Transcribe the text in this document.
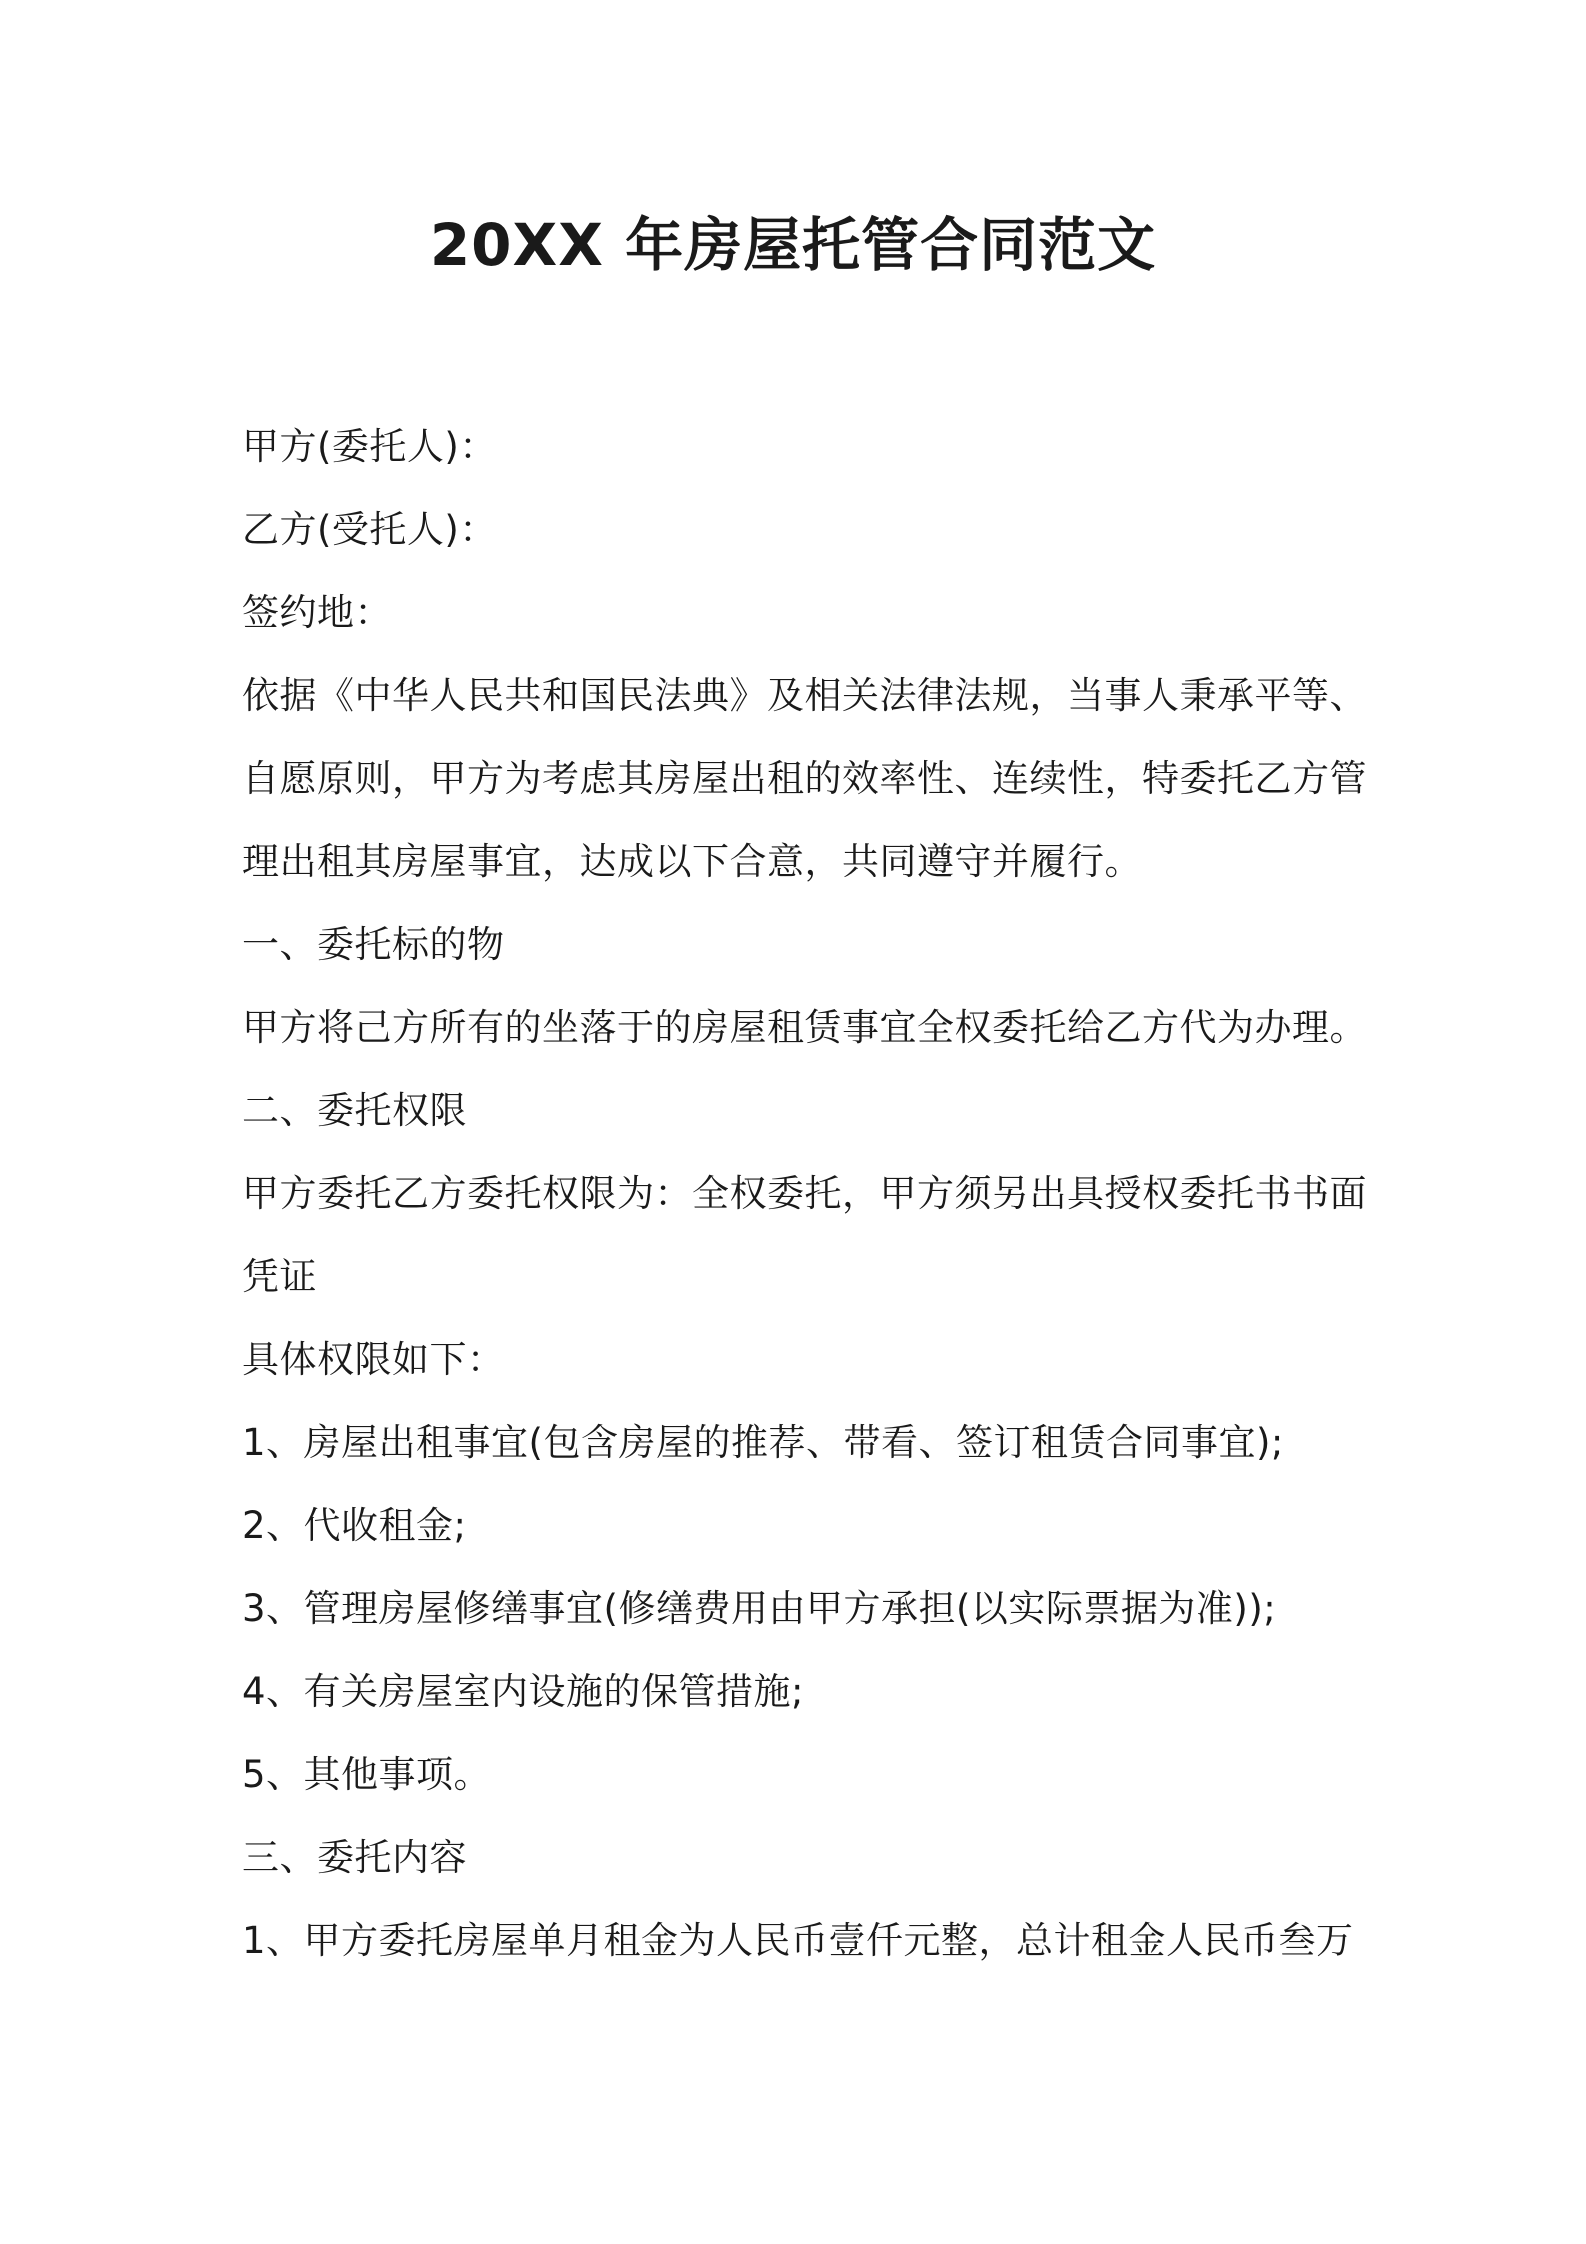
20XX 年房屋托管合同范文
甲方(委托人)：
乙方(受托人)：
签约地：
依据《中华人民共和国民法典》及相关法律法规，当事人秉承平等、
自愿原则，甲方为考虑其房屋出租的效率性、连续性，特委托乙方管
理出租其房屋事宜，达成以下合意，共同遵守并履行。
一、委托标的物
甲方将己方所有的坐落于的房屋租赁事宜全权委托给乙方代为办理。
二、委托权限
甲方委托乙方委托权限为：全权委托，甲方须另出具授权委托书书面
凭证
具体权限如下：
1、房屋出租事宜(包含房屋的推荐、带看、签订租赁合同事宜);
2、代收租金;
3、管理房屋修缮事宜(修缮费用由甲方承担(以实际票据为准));
4、有关房屋室内设施的保管措施;
5、其他事项。
三、委托内容
1、甲方委托房屋单月租金为人民币壹仟元整，总计租金人民币叁万
